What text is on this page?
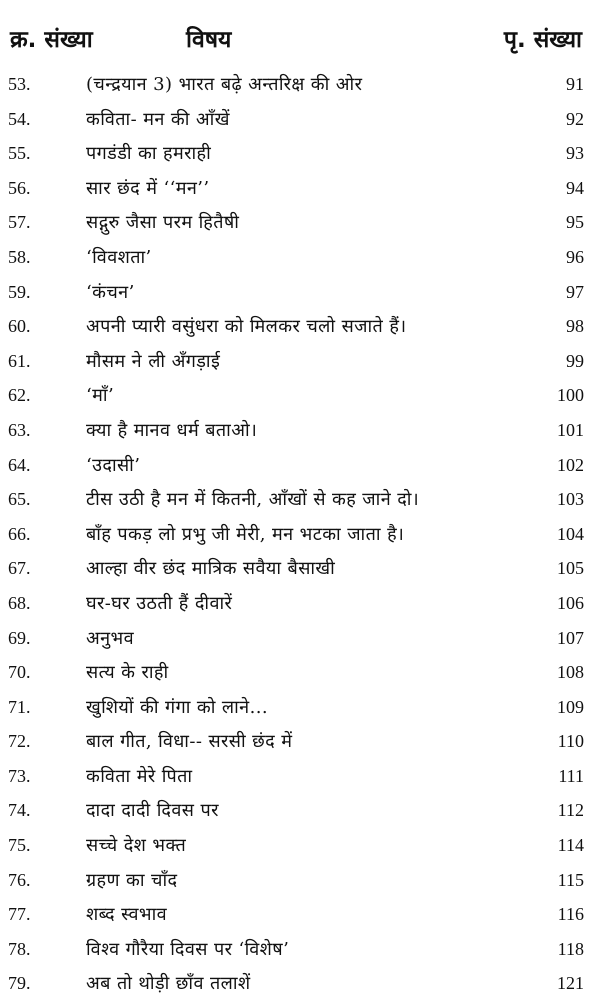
क्र. संख्या	विषय	पृ. संख्या
53.	(चन्द्रयान 3) भारत बढ़े अन्तरिक्ष की ओर	91
54.	कविता- मन की आँखें	92
55.	पगडंडी का हमराही	93
56.	सार छंद में ‘‘मन’’	94
57.	सद्गुरु जैसा परम हितैषी	95
58.	‘विवशता’	96
59.	‘कंचन’	97
60.	अपनी प्यारी वसुंधरा को मिलकर चलो सजाते हैं।	98
61.	मौसम ने ली अँगड़ाई	99
62.	‘माँ’	100
63.	क्या है मानव धर्म बताओ।	101
64.	‘उदासी’	102
65.	टीस उठी है मन में कितनी, आँखों से कह जाने दो।	103
66.	बाँह पकड़ लो प्रभु जी मेरी, मन भटका जाता है।	104
67.	आल्हा वीर छंद मात्रिक सवैया बैसाखी	105
68.	घर-घर उठती हैं दीवारें	106
69.	अनुभव	107
70.	सत्य के राही	108
71.	खुशियों की गंगा को लाने...	109
72.	बाल गीत, विधा-- सरसी छंद में	110
73.	कविता मेरे पिता	111
74.	दादा दादी दिवस पर	112
75.	सच्चे देश भक्त	114
76.	ग्रहण का चाँद	115
77.	शब्द स्वभाव	116
78.	विश्व गौरैया दिवस पर ‘विशेष’	118
79.	अब तो थोड़ी छाँव तलाशें	121
